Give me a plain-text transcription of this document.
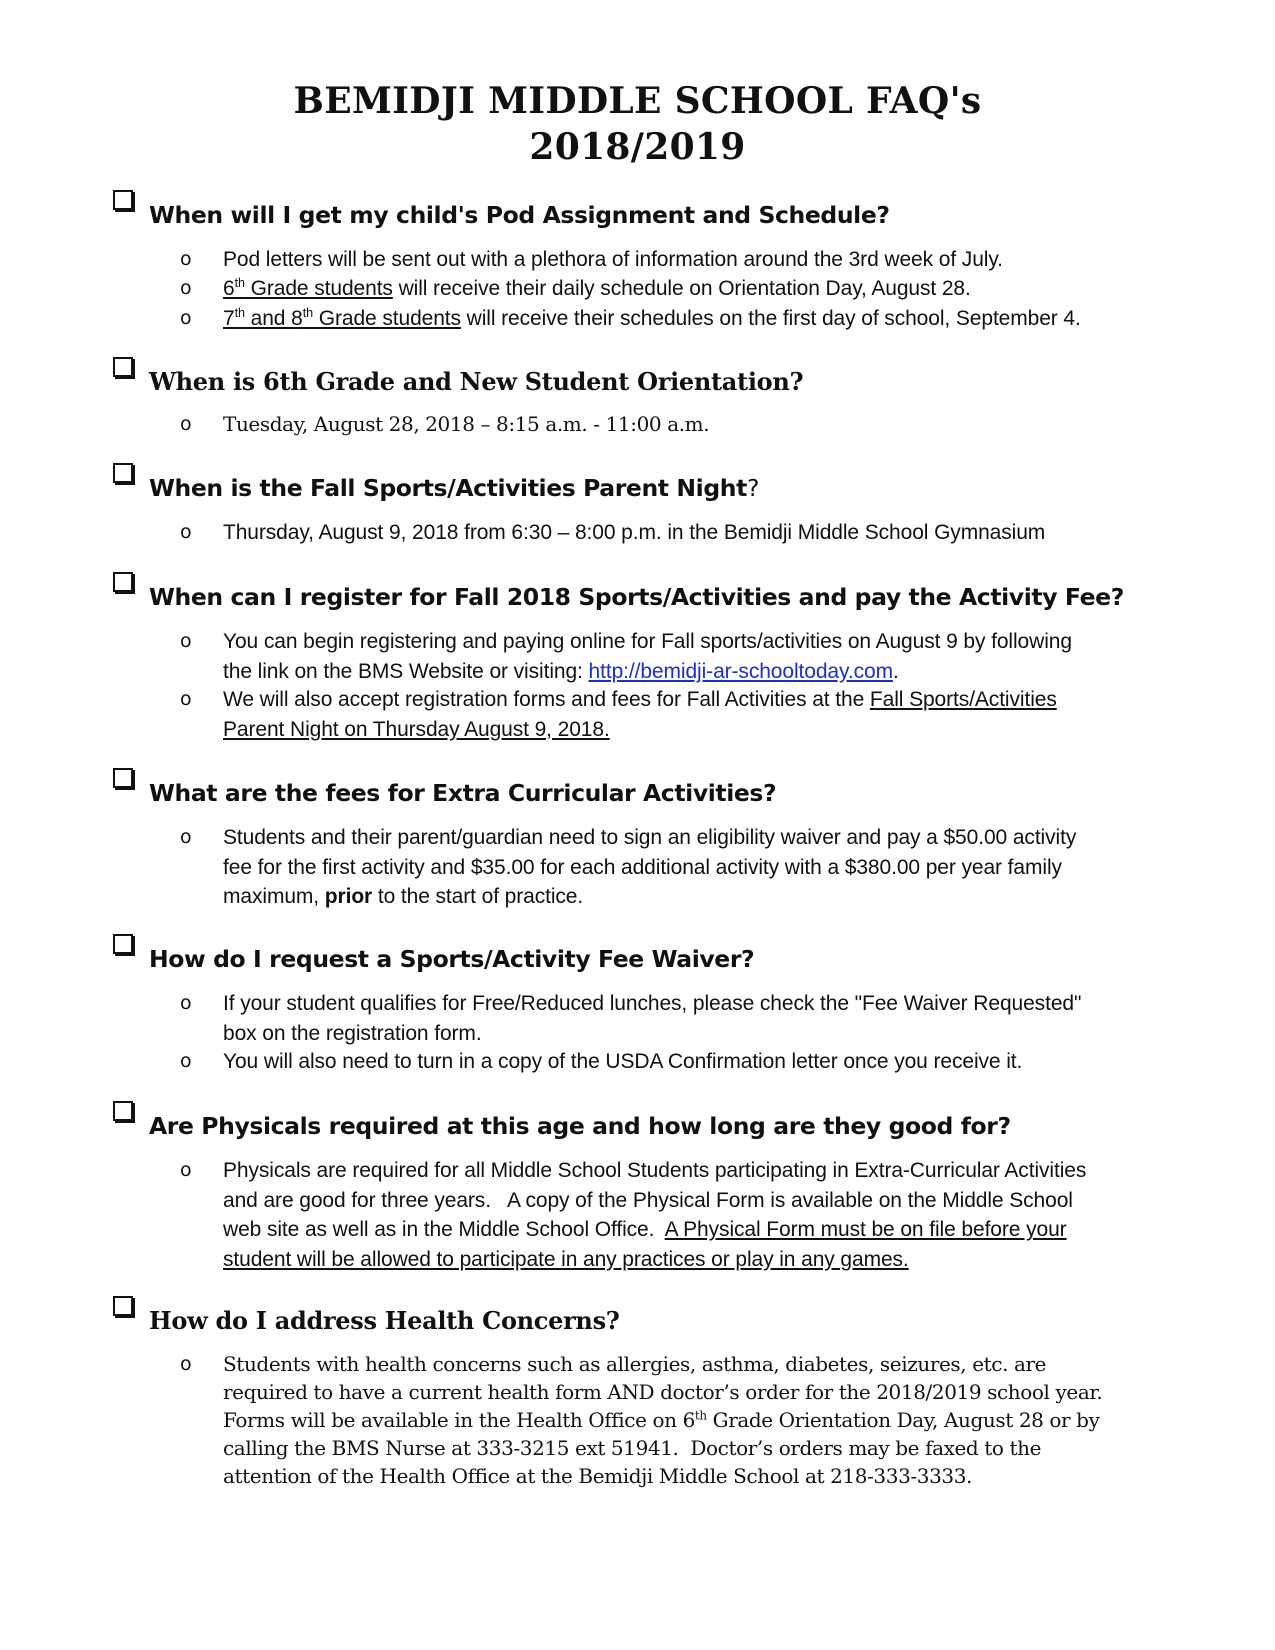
BEMIDJI MIDDLE SCHOOL FAQ's
2018/2019
When will I get my child's Pod Assignment and Schedule?
o Pod letters will be sent out with a plethora of information around the 3rd week of July.
o 6th Grade students will receive their daily schedule on Orientation Day, August 28.
o 7th and 8th Grade students will receive their schedules on the first day of school, September 4.
When is 6th Grade and New Student Orientation?
o Tuesday, August 28, 2018 – 8:15 a.m. - 11:00 a.m.
When is the Fall Sports/Activities Parent Night?
o Thursday, August 9, 2018 from 6:30 – 8:00 p.m. in the Bemidji Middle School Gymnasium
When can I register for Fall 2018 Sports/Activities and pay the Activity Fee?
o You can begin registering and paying online for Fall sports/activities on August 9 by following
the link on the BMS Website or visiting: http://bemidji-ar-schooltoday.com.
o We will also accept registration forms and fees for Fall Activities at the Fall Sports/Activities
Parent Night on Thursday August 9, 2018.
What are the fees for Extra Curricular Activities?
o Students and their parent/guardian need to sign an eligibility waiver and pay a $50.00 activity
fee for the first activity and $35.00 for each additional activity with a $380.00 per year family
maximum, prior to the start of practice.
How do I request a Sports/Activity Fee Waiver?
o If your student qualifies for Free/Reduced lunches, please check the "Fee Waiver Requested"
box on the registration form.
o You will also need to turn in a copy of the USDA Confirmation letter once you receive it.
Are Physicals required at this age and how long are they good for?
o Physicals are required for all Middle School Students participating in Extra-Curricular Activities
and are good for three years.   A copy of the Physical Form is available on the Middle School
web site as well as in the Middle School Office.  A Physical Form must be on file before your
student will be allowed to participate in any practices or play in any games.
How do I address Health Concerns?
o Students with health concerns such as allergies, asthma, diabetes, seizures, etc. are
required to have a current health form AND doctor’s order for the 2018/2019 school year.
Forms will be available in the Health Office on 6th Grade Orientation Day, August 28 or by
calling the BMS Nurse at 333-3215 ext 51941.  Doctor’s orders may be faxed to the
attention of the Health Office at the Bemidji Middle School at 218-333-3333.
